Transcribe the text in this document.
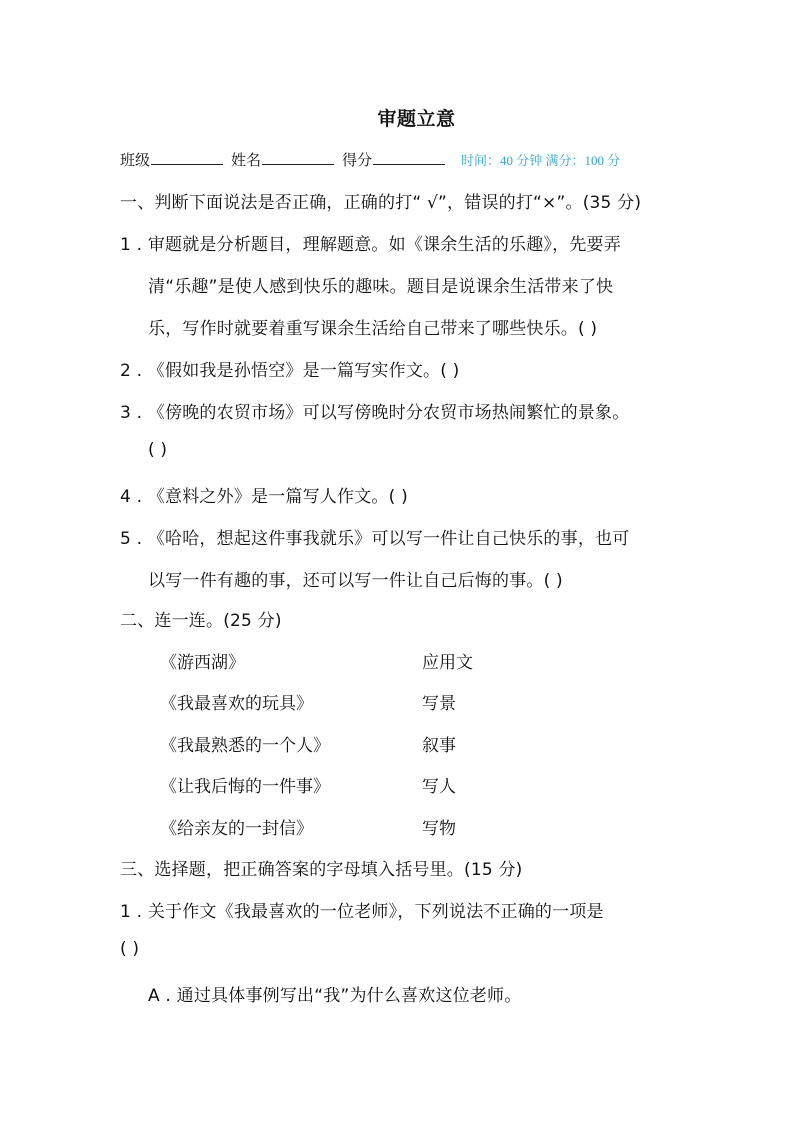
审题立意
班级	姓名	得分	时间：40 分钟 满分：100 分
一、判断下面说法是否正确，正确的打“ √”，错误的打“×”。(35 分)
1 . 审题就是分析题目，理解题意。如《课余生活的乐趣》，先要弄
清“乐趣”是使人感到快乐的趣味。题目是说课余生活带来了快
乐，写作时就要着重写课余生活给自己带来了哪些快乐。( )
2 . 《假如我是孙悟空》是一篇写实作文。( )
3 . 《傍晚的农贸市场》可以写傍晚时分农贸市场热闹繁忙的景象。
( )
4 . 《意料之外》是一篇写人作文。( )
5 . 《哈哈，想起这件事我就乐》可以写一件让自己快乐的事，也可
以写一件有趣的事，还可以写一件让自己后悔的事。( )
二、连一连。(25 分)
《游西湖》	应用文
《我最喜欢的玩具》	写景
《我最熟悉的一个人》	叙事
《让我后悔的一件事》	写人
《给亲友的一封信》	写物
三、选择题，把正确答案的字母填入括号里。(15 分)
1 . 关于作文《我最喜欢的一位老师》，下列说法不正确的一项是
( )
A . 通过具体事例写出“我”为什么喜欢这位老师。
